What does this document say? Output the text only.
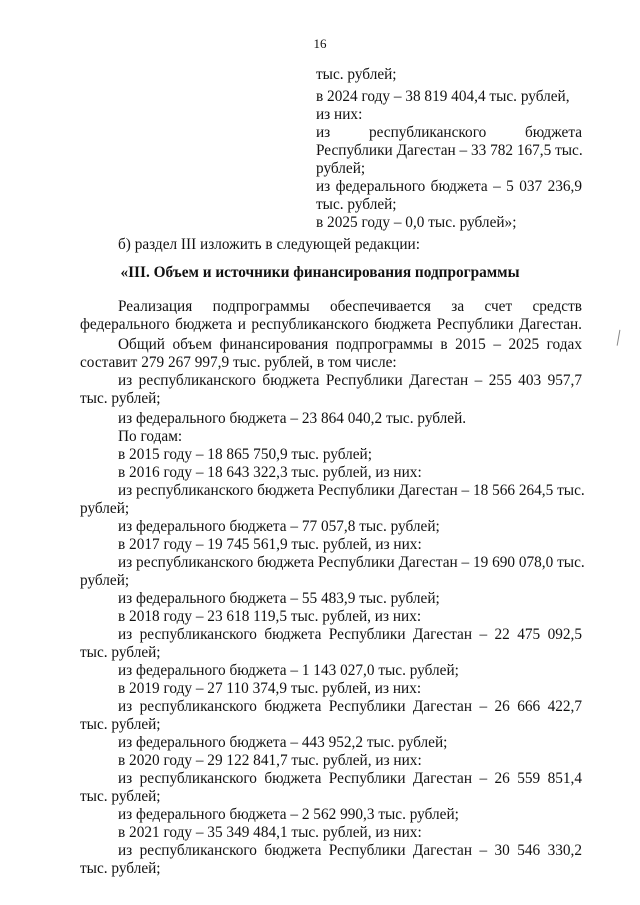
16
тыс. рублей;
в 2024 году – 38 819 404,4 тыс. рублей,
из них:
из республиканского бюджета
Республики Дагестан – 33 782 167,5 тыс.
рублей;
из федерального бюджета – 5 037 236,9
тыс. рублей;
в 2025 году – 0,0 тыс. рублей»;
б) раздел III изложить в следующей редакции:
«III. Объем и источники финансирования подпрограммы
Реализация подпрограммы обеспечивается за счет средств
федерального бюджета и республиканского бюджета Республики Дагестан.
Общий объем финансирования подпрограммы в 2015 – 2025 годах
составит 279 267 997,9 тыс. рублей, в том числе:
из республиканского бюджета Республики Дагестан – 255 403 957,7
тыс. рублей;
из федерального бюджета – 23 864 040,2 тыс. рублей.
По годам:
в 2015 году – 18 865 750,9 тыс. рублей;
в 2016 году – 18 643 322,3 тыс. рублей, из них:
из республиканского бюджета Республики Дагестан – 18 566 264,5 тыс.
рублей;
из федерального бюджета – 77 057,8 тыс. рублей;
в 2017 году – 19 745 561,9 тыс. рублей, из них:
из республиканского бюджета Республики Дагестан – 19 690 078,0 тыс.
рублей;
из федерального бюджета – 55 483,9 тыс. рублей;
в 2018 году – 23 618 119,5 тыс. рублей, из них:
из республиканского бюджета Республики Дагестан – 22 475 092,5
тыс. рублей;
из федерального бюджета – 1 143 027,0 тыс. рублей;
в 2019 году – 27 110 374,9 тыс. рублей, из них:
из республиканского бюджета Республики Дагестан – 26 666 422,7
тыс. рублей;
из федерального бюджета – 443 952,2 тыс. рублей;
в 2020 году – 29 122 841,7 тыс. рублей, из них:
из республиканского бюджета Республики Дагестан – 26 559 851,4
тыс. рублей;
из федерального бюджета – 2 562 990,3 тыс. рублей;
в 2021 году – 35 349 484,1 тыс. рублей, из них:
из республиканского бюджета Республики Дагестан – 30 546 330,2
тыс. рублей;
